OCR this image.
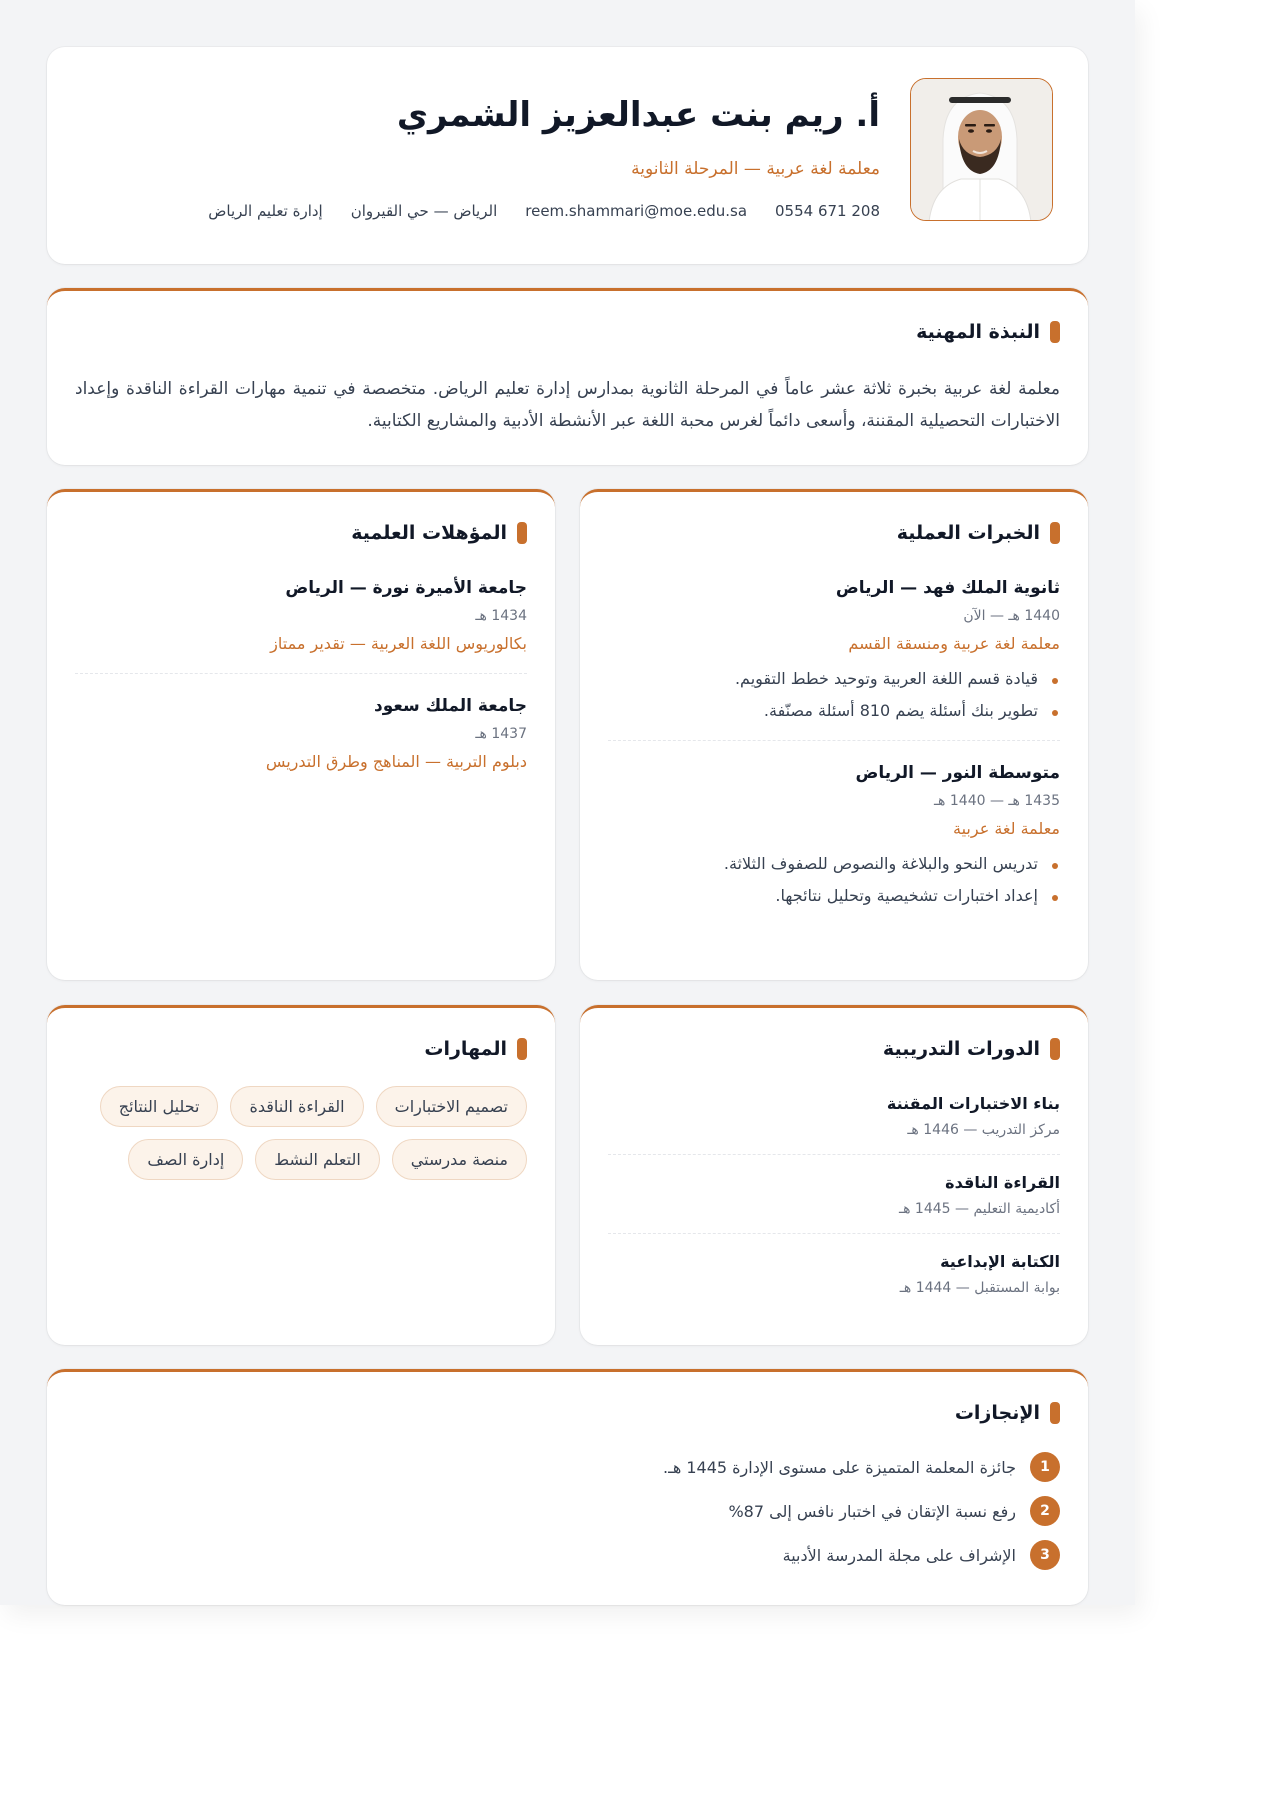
أ. ريم بنت عبدالعزيز الشمري
معلمة لغة عربية — المرحلة الثانوية
0554 671 208
reem.shammari@moe.edu.sa
الرياض — حي القيروان
إدارة تعليم الرياض
النبذة المهنية
معلمة لغة عربية بخبرة ثلاثة عشر عاماً في المرحلة الثانوية بمدارس إدارة تعليم الرياض. متخصصة في تنمية مهارات القراءة الناقدة وإعداد الاختبارات التحصيلية المقننة، وأسعى دائماً لغرس محبة اللغة عبر الأنشطة الأدبية والمشاريع الكتابية.
الخبرات العملية
ثانوية الملك فهد — الرياض
1440 هـ — الآن
معلمة لغة عربية ومنسقة القسم
قيادة قسم اللغة العربية وتوحيد خطط التقويم.
تطوير بنك أسئلة يضم 810 أسئلة مصنّفة.
متوسطة النور — الرياض
1435 هـ — 1440 هـ
معلمة لغة عربية
تدريس النحو والبلاغة والنصوص للصفوف الثلاثة.
إعداد اختبارات تشخيصية وتحليل نتائجها.
المؤهلات العلمية
جامعة الأميرة نورة — الرياض
1434 هـ
بكالوريوس اللغة العربية — تقدير ممتاز
جامعة الملك سعود
1437 هـ
دبلوم التربية — المناهج وطرق التدريس
الدورات التدريبية
بناء الاختبارات المقننة
مركز التدريب — 1446 هـ
القراءة الناقدة
أكاديمية التعليم — 1445 هـ
الكتابة الإبداعية
بوابة المستقبل — 1444 هـ
المهارات
تصميم الاختبارات
القراءة الناقدة
تحليل النتائج
منصة مدرستي
التعلم النشط
إدارة الصف
الإنجازات
1
جائزة المعلمة المتميزة على مستوى الإدارة 1445 هـ.
2
رفع نسبة الإتقان في اختبار نافس إلى 87%
3
الإشراف على مجلة المدرسة الأدبية
